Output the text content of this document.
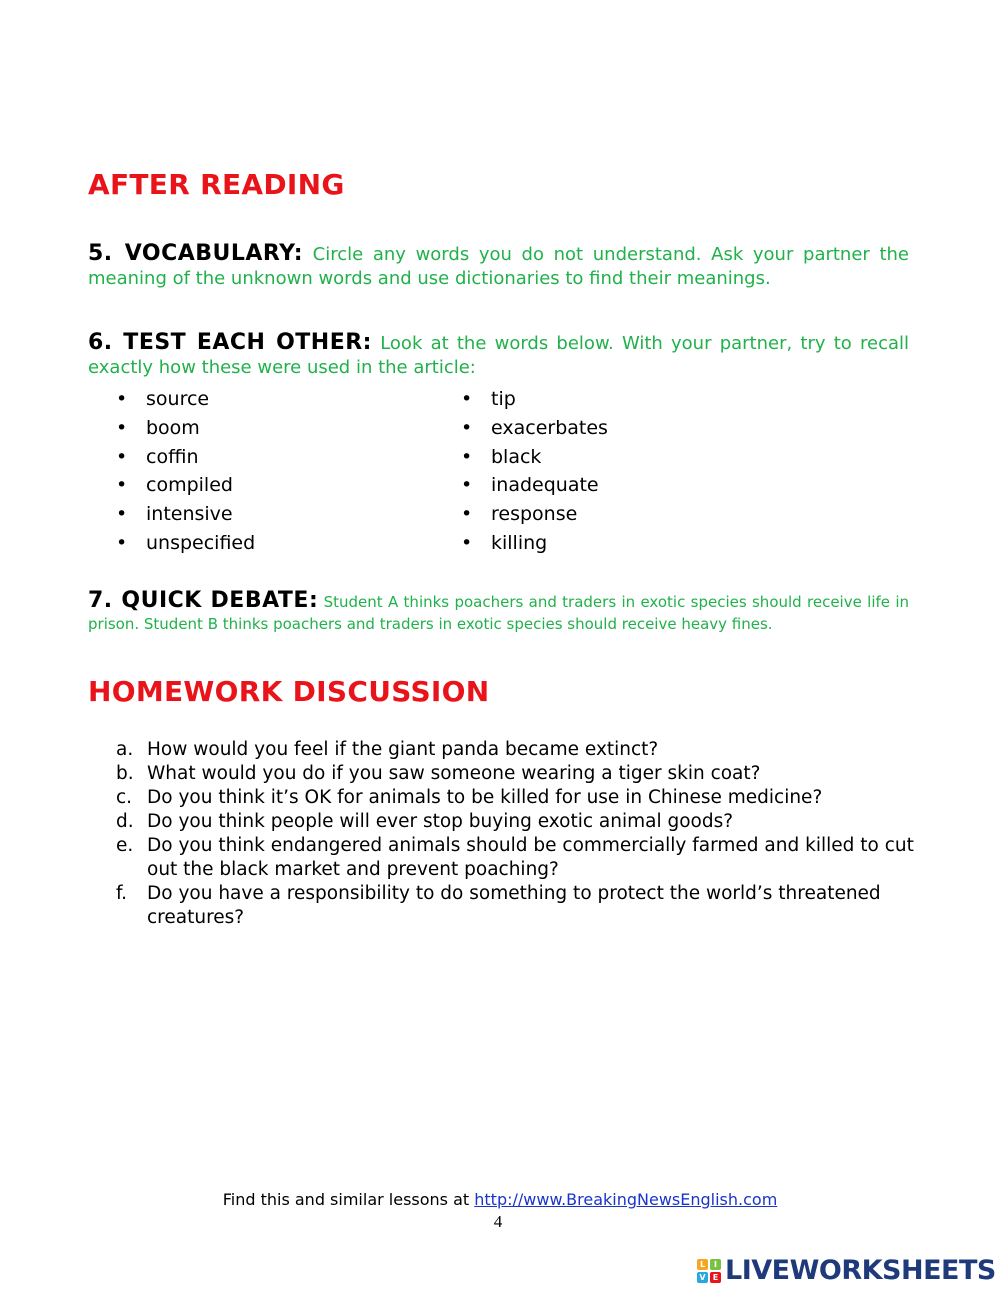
AFTER READING

5. VOCABULARY: Circle any words you do not understand. Ask your partner the meaning of the unknown words and use dictionaries to find their meanings.

6. TEST EACH OTHER: Look at the words below. With your partner, try to recall exactly how these were used in the article:

• source
• boom
• coffin
• compiled
• intensive
• unspecified
• tip
• exacerbates
• black
• inadequate
• response
• killing

7. QUICK DEBATE: Student A thinks poachers and traders in exotic species should receive life in prison. Student B thinks poachers and traders in exotic species should receive heavy fines.

HOMEWORK DISCUSSION
a. How would you feel if the giant panda became extinct?
b. What would you do if you saw someone wearing a tiger skin coat?
c. Do you think it’s OK for animals to be killed for use in Chinese medicine?
d. Do you think people will ever stop buying exotic animal goods?
e. Do you think endangered animals should be commercially farmed and killed to cut out the black market and prevent poaching?
f. Do you have a responsibility to do something to protect the world’s threatened creatures?
Find this and similar lessons at http://www.BreakingNewsEnglish.com
4
L	I
V E LIVEWORKSHEETS
